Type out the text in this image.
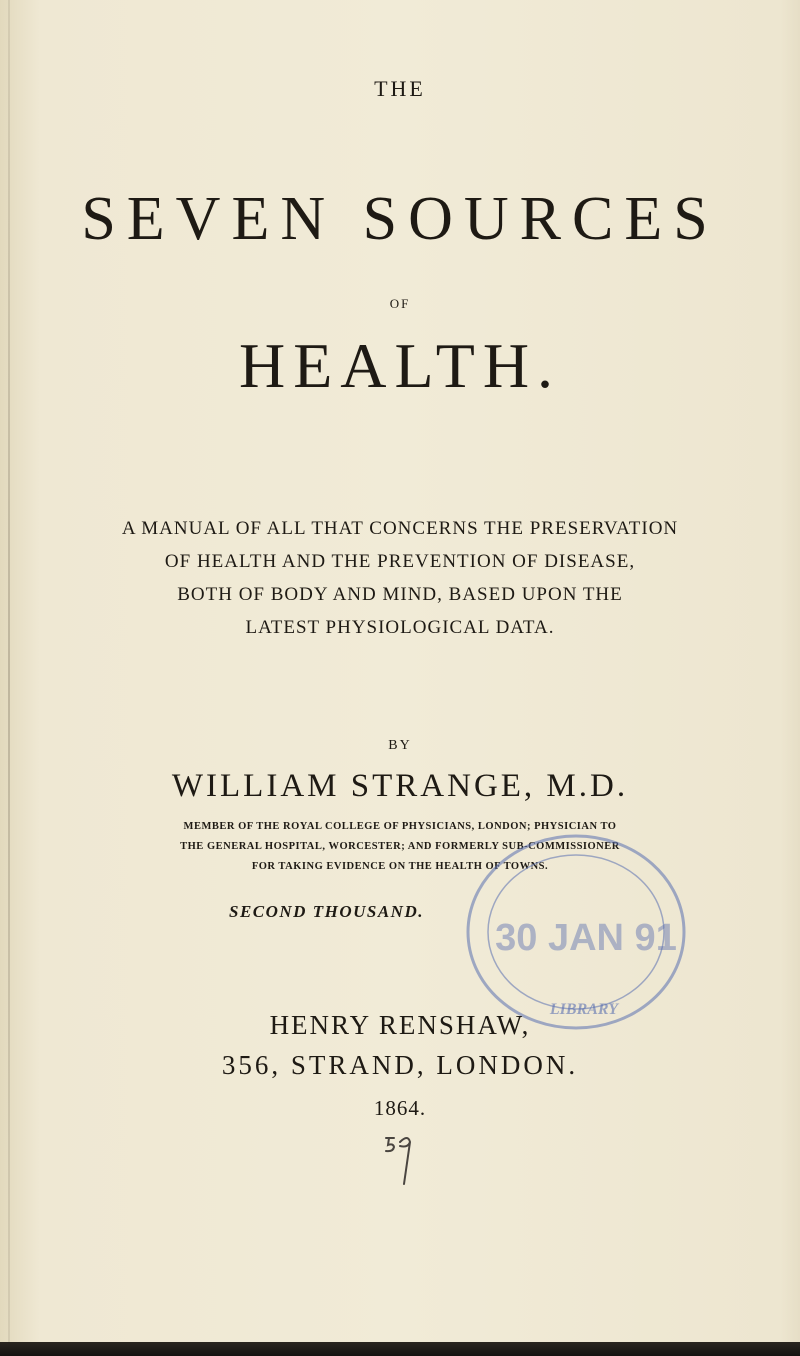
THE
SEVEN SOURCES
OF
HEALTH.
A MANUAL OF ALL THAT CONCERNS THE PRESERVATION
OF HEALTH AND THE PREVENTION OF DISEASE,
BOTH OF BODY AND MIND, BASED UPON THE
LATEST PHYSIOLOGICAL DATA.
BY
WILLIAM STRANGE, M.D.
MEMBER OF THE ROYAL COLLEGE OF PHYSICIANS, LONDON; PHYSICIAN TO
THE GENERAL HOSPITAL, WORCESTER; AND FORMERLY SUB-COMMISSIONER
FOR TAKING EVIDENCE ON THE HEALTH OF TOWNS.
SECOND THOUSAND.
30 JAN 91
LIBRARY
HENRY RENSHAW,
356, STRAND, LONDON.
1864.
